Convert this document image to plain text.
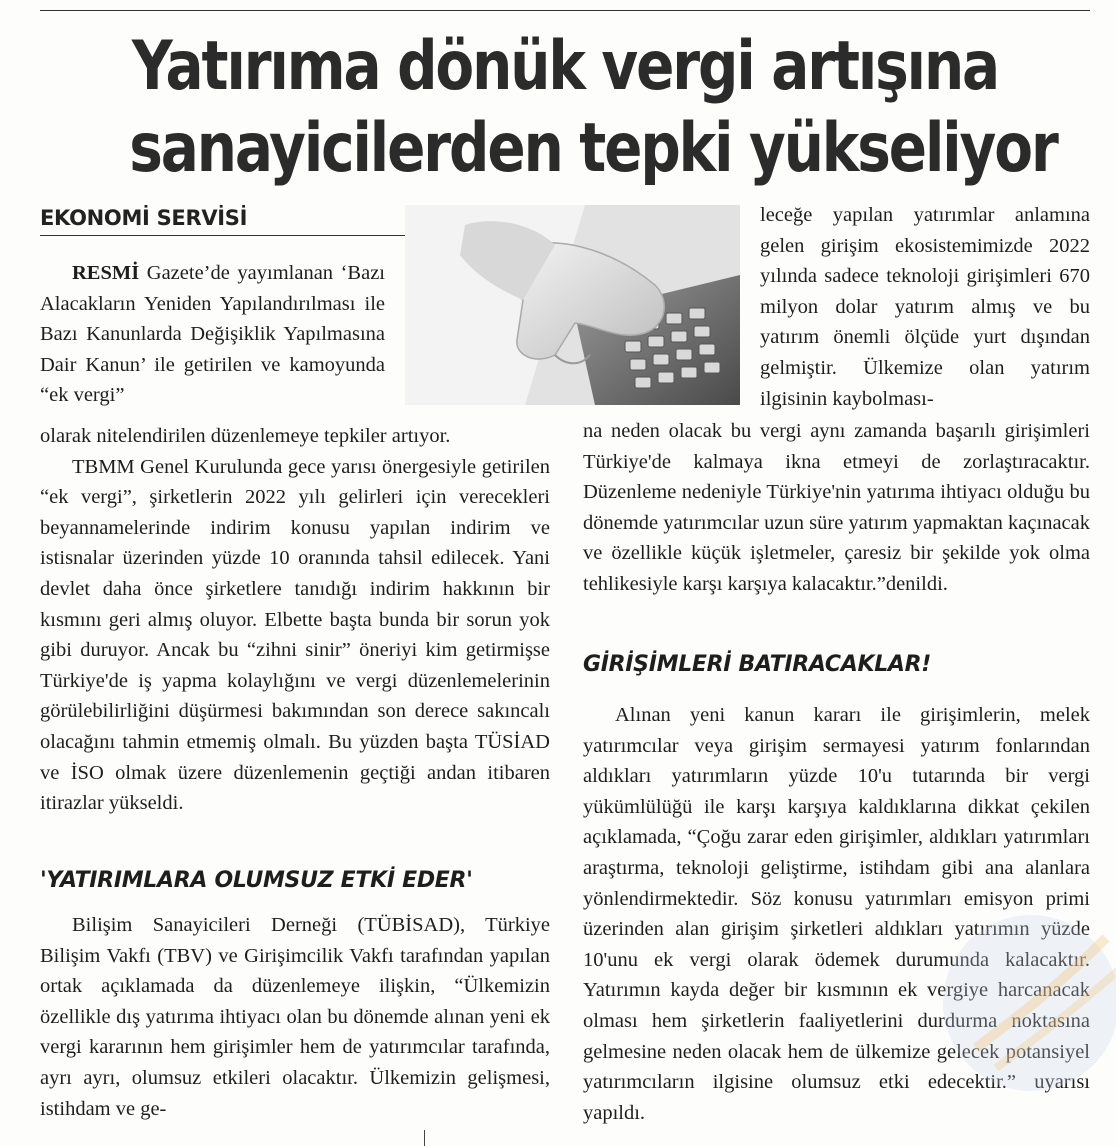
Yatırıma dönük vergi artışına
sanayicilerden tepki yükseliyor
EKONOMİ SERVİSİ

RESMİ Gazete’de yayımlanan ‘Bazı Alacakların Yeniden Yapılandırılması ile Bazı Kanunlarda Değişiklik Yapılmasına Dair Kanun’ ile getirilen ve kamoyunda “ek vergi”

olarak nitelendirilen düzenlemeye tepkiler artıyor.

TBMM Genel Kurulunda gece yarısı önergesiyle getirilen “ek vergi”, şirketlerin 2022 yılı gelirleri için verecekleri beyannamelerinde indirim konusu yapılan indirim ve istisnalar üzerinden yüzde 10 oranında tahsil edilecek. Yani devlet daha önce şirketlere tanıdığı indirim hakkının bir kısmını geri almış oluyor. Elbette başta bunda bir sorun yok gibi duruyor. Ancak bu “zihni sinir” öneriyi kim getirmişse Türkiye'de iş yapma kolaylığını ve vergi düzenlemelerinin görülebilirliğini düşürmesi bakımından son derece sakıncalı olacağını tahmin etmemiş olmalı. Bu yüzden başta TÜSİAD ve İSO olmak üzere düzenlemenin geçtiği andan itibaren itirazlar yükseldi.

'YATIRIMLARA OLUMSUZ ETKİ EDER'

Bilişim Sanayicileri Derneği (TÜBİSAD), Türkiye Bilişim Vakfı (TBV) ve Girişimcilik Vakfı tarafından yapılan ortak açıklamada da düzenlemeye ilişkin, “Ülkemizin özellikle dış yatırıma ihtiyacı olan bu dönemde alınan yeni ek vergi kararının hem girişimler hem de yatırımcılar tarafında, ayrı ayrı, olumsuz etkileri olacaktır. Ülkemizin gelişmesi, istihdam ve ge-

leceğe yapılan yatırımlar anlamına gelen girişim ekosistemimizde 2022 yılında sadece teknoloji girişimleri 670 milyon dolar yatırım almış ve bu yatırım önemli ölçüde yurt dışından gelmiştir. Ülkemize olan yatırım ilgisinin kaybolması-

na neden olacak bu vergi aynı zamanda başarılı girişimleri Türkiye'de kalmaya ikna etmeyi de zorlaştıracaktır. Düzenleme nedeniyle Türkiye'nin yatırıma ihtiyacı olduğu bu dönemde yatırımcılar uzun süre yatırım yapmaktan kaçınacak ve özellikle küçük işletmeler, çaresiz bir şekilde yok olma tehlikesiyle karşı karşıya kalacaktır.”denildi.

GİRİŞİMLERİ BATIRACAKLAR!

Alınan yeni kanun kararı ile girişimlerin, melek yatırımcılar veya girişim sermayesi yatırım fonlarından aldıkları yatırımların yüzde 10'u tutarında bir vergi yükümlülüğü ile karşı karşıya kaldıklarına dikkat çekilen açıklamada, “Çoğu zarar eden girişimler, aldıkları yatırımları araştırma, teknoloji geliştirme, istihdam gibi ana alanlara yönlendirmektedir. Söz konusu yatırımları emisyon primi üzerinden alan girişim şirketleri aldıkları yatırımın yüzde 10'unu ek vergi olarak ödemek durumunda kalacaktır. Yatırımın kayda değer bir kısmının ek vergiye harcanacak olması hem şirketlerin faaliyetlerini durdurma noktasına gelmesine neden olacak hem de ülkemize gelecek potansiyel yatırımcıların ilgisine olumsuz etki edecektir.” uyarısı yapıldı.
